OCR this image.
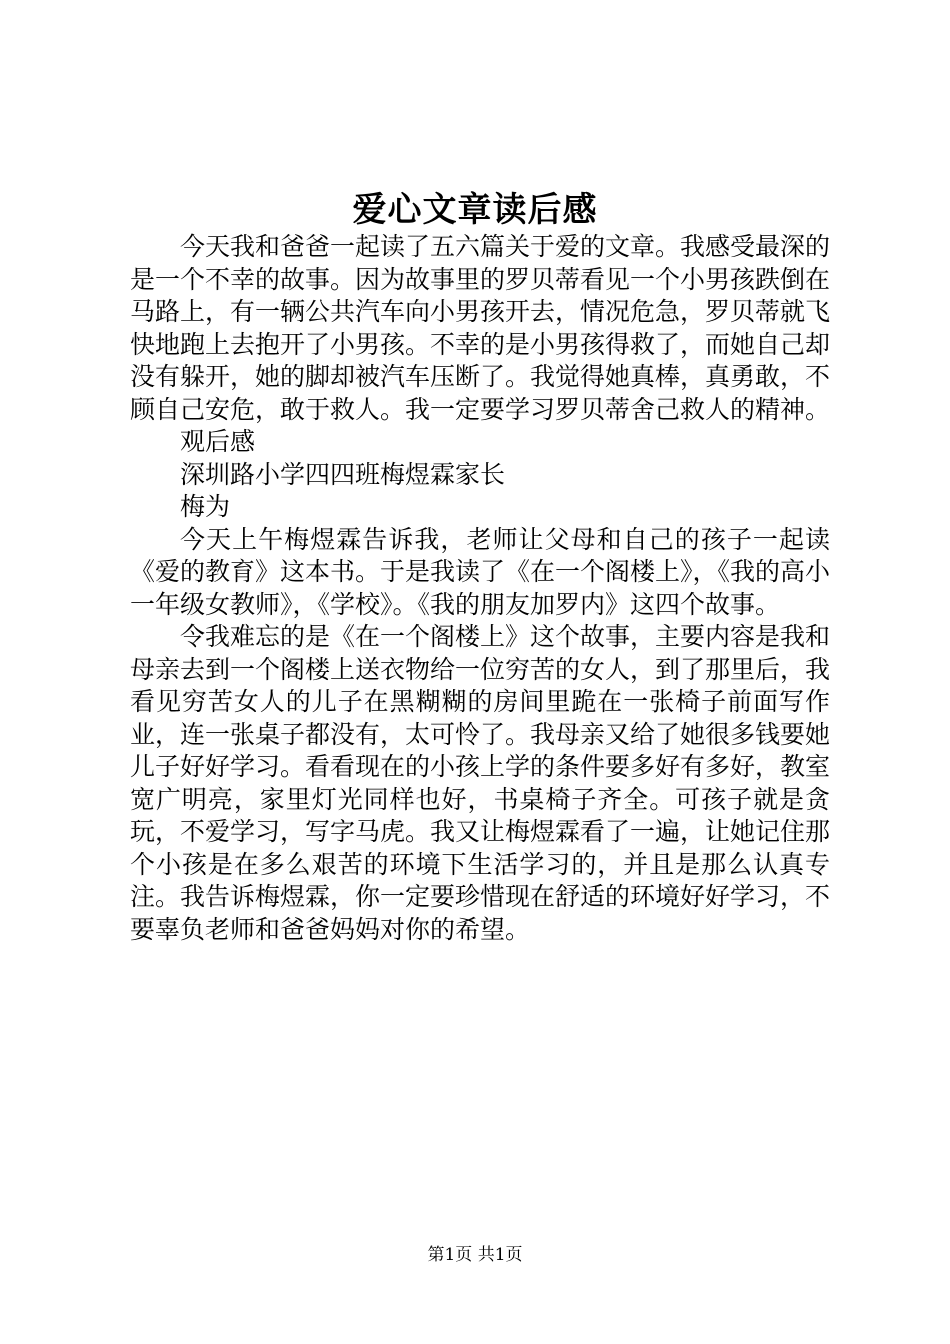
爱心文章读后感

今天我和爸爸一起读了五六篇关于爱的文章。我感受最深的是一个不幸的故事。因为故事里的罗贝蒂看见一个小男孩跌倒在马路上，有一辆公共汽车向小男孩开去，情况危急，罗贝蒂就飞快地跑上去抱开了小男孩。不幸的是小男孩得救了，而她自己却没有躲开，她的脚却被汽车压断了。我觉得她真棒，真勇敢，不顾自己安危，敢于救人。我一定要学习罗贝蒂舍己救人的精神。

观后感

深圳路小学四四班梅煜霖家长

梅为

今天上午梅煜霖告诉我，老师让父母和自己的孩子一起读《爱的教育》这本书。于是我读了《在一个阁楼上》，《我的高小一年级女教师》，《学校》。《我的朋友加罗内》这四个故事。

令我难忘的是《在一个阁楼上》这个故事，主要内容是我和母亲去到一个阁楼上送衣物给一位穷苦的女人，到了那里后，我看见穷苦女人的儿子在黑糊糊的房间里跪在一张椅子前面写作业，连一张桌子都没有，太可怜了。我母亲又给了她很多钱要她儿子好好学习。看看现在的小孩上学的条件要多好有多好，教室宽广明亮，家里灯光同样也好，书桌椅子齐全。可孩子就是贪玩，不爱学习，写字马虎。我又让梅煜霖看了一遍，让她记住那个小孩是在多么艰苦的环境下生活学习的，并且是那么认真专注。我告诉梅煜霖，你一定要珍惜现在舒适的环境好好学习，不要辜负老师和爸爸妈妈对你的希望。

第1页 共1页
